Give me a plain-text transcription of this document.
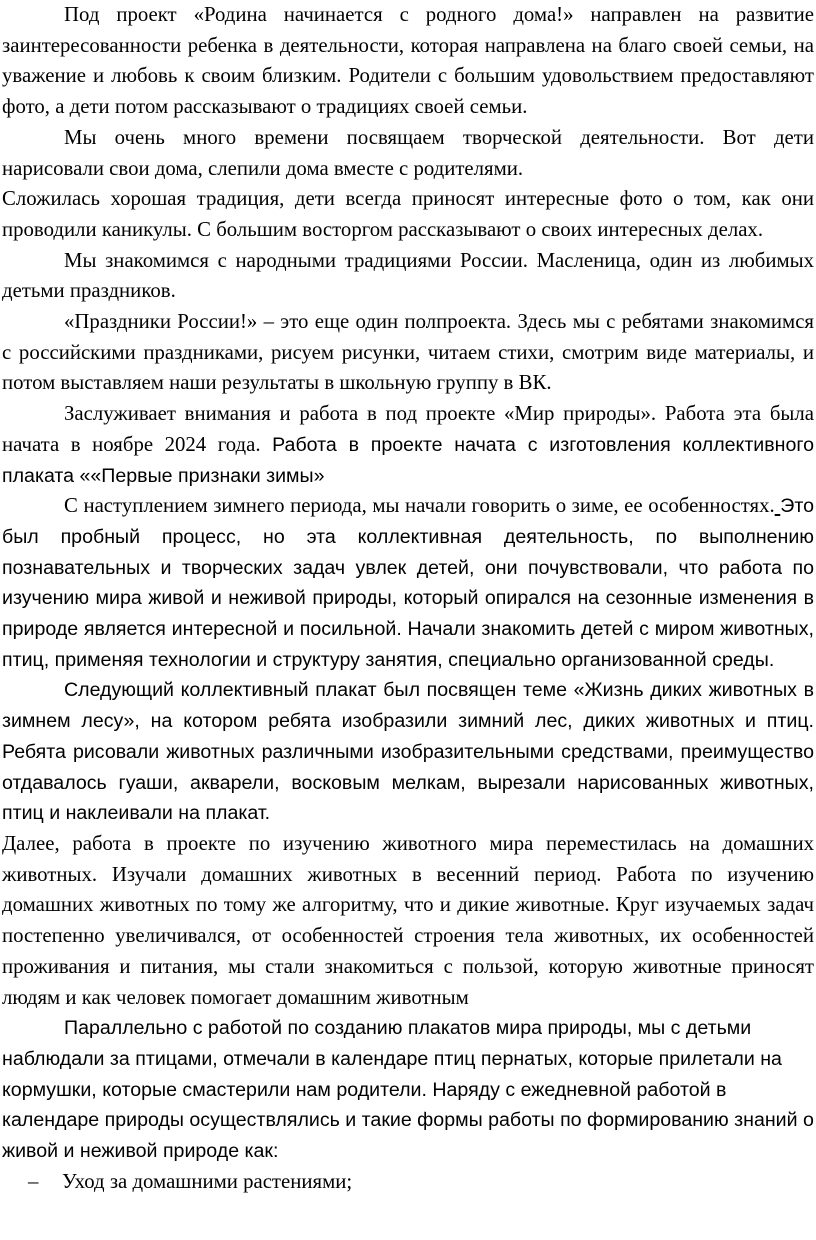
Под проект «Родина начинается с родного дома!» направлен на развитие заинтересованности ребенка в деятельности, которая направлена на благо своей семьи, на уважение и любовь к своим близким. Родители с большим удовольствием предоставляют фото, а дети потом рассказывают о традициях своей семьи.

Мы очень много времени посвящаем творческой деятельности. Вот дети нарисовали свои дома, слепили дома вместе с родителями.

Сложилась хорошая традиция, дети всегда приносят интересные фото о том, как они проводили каникулы. С большим восторгом рассказывают о своих интересных делах.

Мы знакомимся с народными традициями России. Масленица, один из любимых детьми праздников.

«Праздники России!» – это еще один полпроекта. Здесь мы с ребятами знакомимся с российскими праздниками, рисуем рисунки, читаем стихи, смотрим виде материалы, и потом выставляем наши результаты в школьную группу в ВК.

Заслуживает внимания и работа в под проекте «Мир природы». Работа эта была начата в ноябре 2024 года. Работа в проекте начата с изготовления коллективного плаката ««Первые признаки зимы»

С наступлением зимнего периода, мы начали говорить о зиме, ее особенностях. Это был пробный процесс, но эта коллективная деятельность, по выполнению познавательных и творческих задач увлек детей, они почувствовали, что работа по изучению мира живой и неживой природы, который опирался на сезонные изменения в природе является интересной и посильной. Начали знакомить детей с миром животных, птиц, применяя технологии и структуру занятия, специально организованной среды.

Следующий коллективный плакат был посвящен теме «Жизнь диких животных в зимнем лесу», на котором ребята изобразили зимний лес, диких животных и птиц. Ребята рисовали животных различными изобразительными средствами, преимущество отдавалось гуаши, акварели, восковым мелкам, вырезали нарисованных животных, птиц и наклеивали на плакат.

Далее, работа в проекте по изучению животного мира переместилась на домашних животных. Изучали домашних животных в весенний период. Работа по изучению домашних животных по тому же алгоритму, что и дикие животные. Круг изучаемых задач постепенно увеличивался, от особенностей строения тела животных, их особенностей проживания и питания, мы стали знакомиться с пользой, которую животные приносят людям и как человек помогает домашним животным

Параллельно с работой по созданию плакатов мира природы, мы с детьми наблюдали за птицами, отмечали в календаре птиц пернатых, которые прилетали на кормушки, которые смастерили нам родители. Наряду с ежедневной работой в календаре природы осуществлялись и такие формы работы по формированию знаний о живой и неживой природе как:

– Уход за домашними растениями;
